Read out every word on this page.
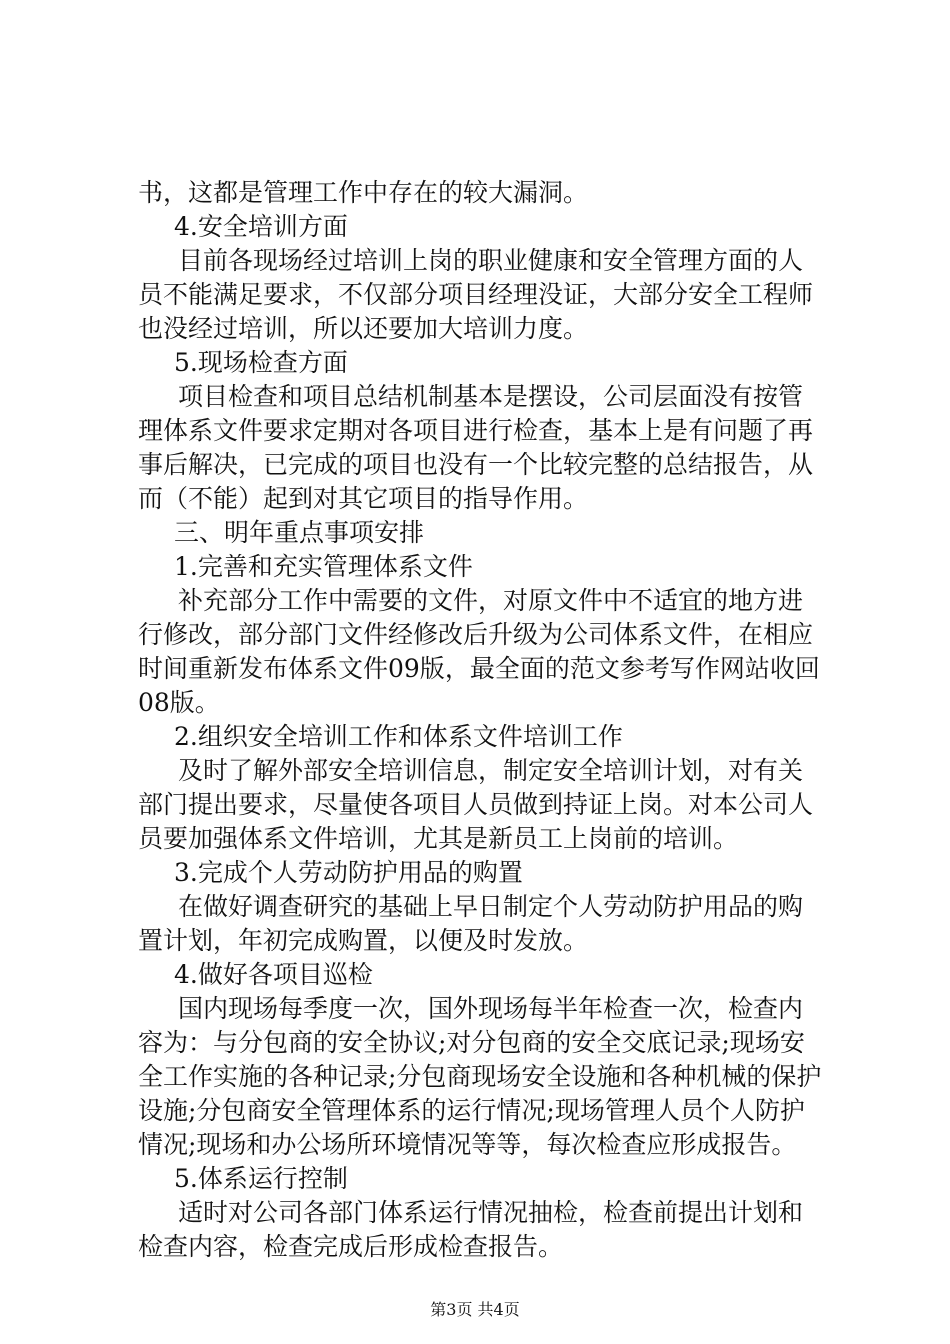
书，这都是管理工作中存在的较大漏洞。
4.安全培训方面
目前各现场经过培训上岗的职业健康和安全管理方面的人
员不能满足要求，不仅部分项目经理没证，大部分安全工程师
也没经过培训，所以还要加大培训力度。
5.现场检查方面
项目检查和项目总结机制基本是摆设，公司层面没有按管
理体系文件要求定期对各项目进行检查，基本上是有问题了再
事后解决，已完成的项目也没有一个比较完整的总结报告，从
而（不能）起到对其它项目的指导作用。
三、明年重点事项安排
1.完善和充实管理体系文件
补充部分工作中需要的文件，对原文件中不适宜的地方进
行修改，部分部门文件经修改后升级为公司体系文件，在相应
时间重新发布体系文件09版，最全面的范文参考写作网站收回
08版。
2.组织安全培训工作和体系文件培训工作
及时了解外部安全培训信息，制定安全培训计划，对有关
部门提出要求，尽量使各项目人员做到持证上岗。对本公司人
员要加强体系文件培训，尤其是新员工上岗前的培训。
3.完成个人劳动防护用品的购置
在做好调查研究的基础上早日制定个人劳动防护用品的购
置计划，年初完成购置，以便及时发放。
4.做好各项目巡检
国内现场每季度一次，国外现场每半年检查一次，检查内
容为：与分包商的安全协议;对分包商的安全交底记录;现场安
全工作实施的各种记录;分包商现场安全设施和各种机械的保护
设施;分包商安全管理体系的运行情况;现场管理人员个人防护
情况;现场和办公场所环境情况等等，每次检查应形成报告。
5.体系运行控制
适时对公司各部门体系运行情况抽检，检查前提出计划和
检查内容，检查完成后形成检查报告。
第3页 共4页
